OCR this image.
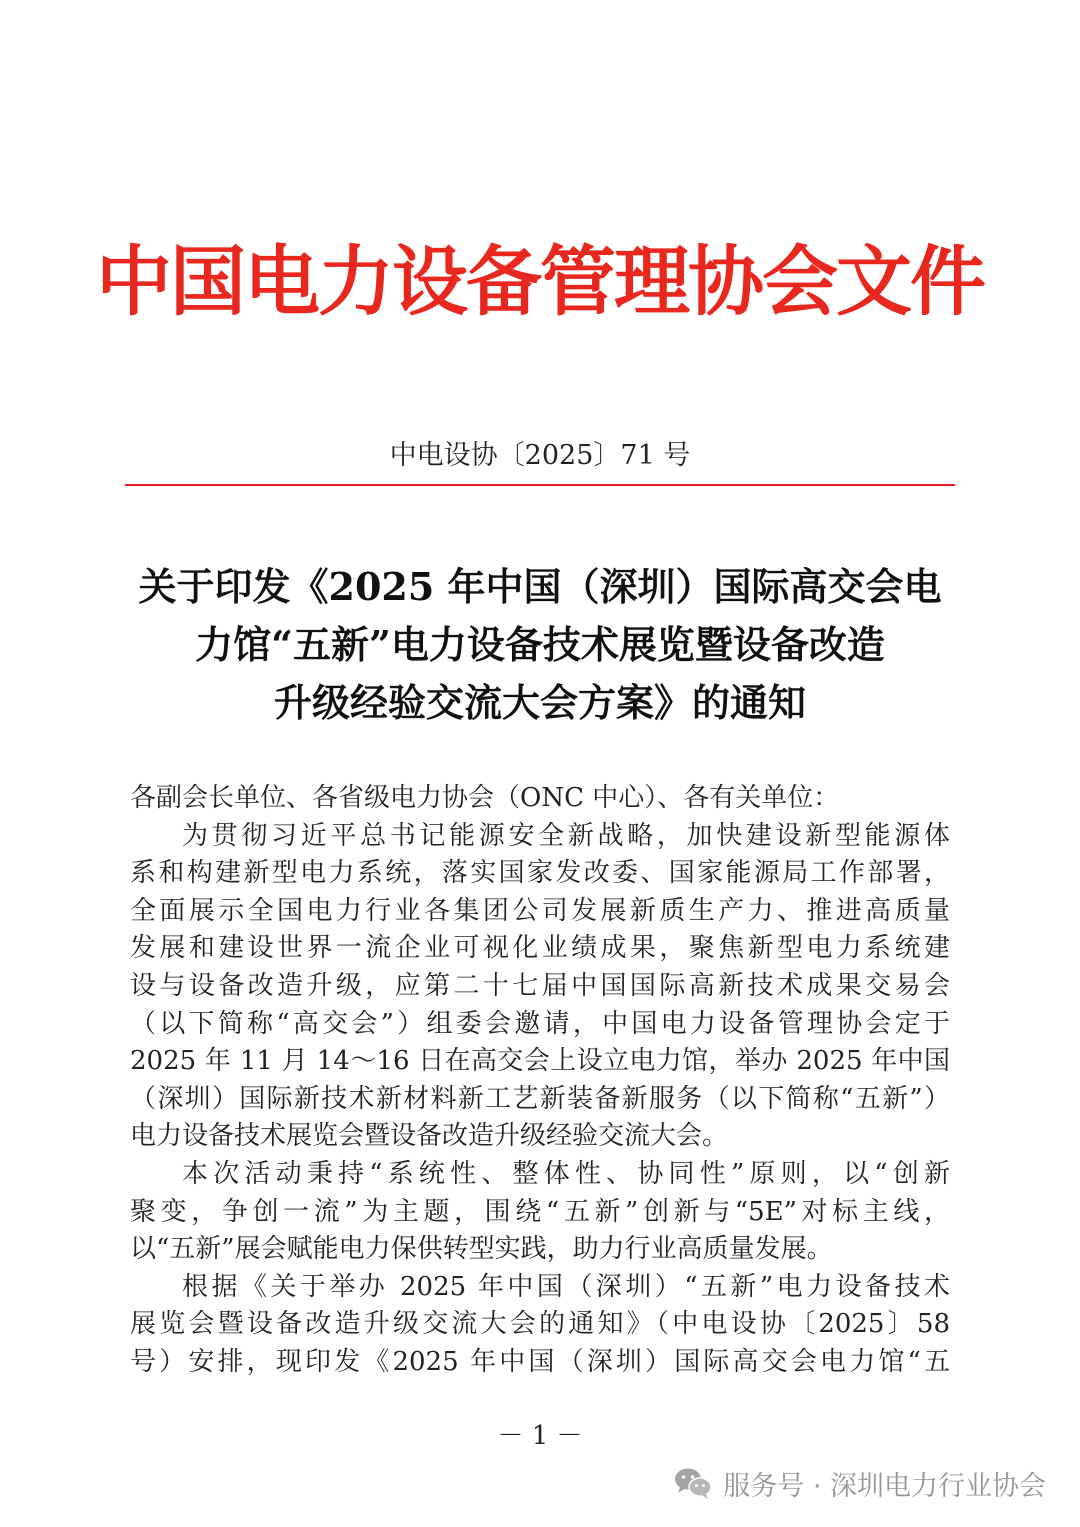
中国电力设备管理协会文件
中电设协〔2025〕71 号
关于印发《2025 年中国（深圳）国际高交会电
力馆“五新”电力设备技术展览暨设备改造
升级经验交流大会方案》的通知
各副会长单位、各省级电力协会（ONC 中心）、各有关单位：
为贯彻习近平总书记能源安全新战略，加快建设新型能源体
系和构建新型电力系统，落实国家发改委、国家能源局工作部署，
全面展示全国电力行业各集团公司发展新质生产力、推进高质量
发展和建设世界一流企业可视化业绩成果，聚焦新型电力系统建
设与设备改造升级，应第二十七届中国国际高新技术成果交易会
（以下简称“高交会”）组委会邀请，中国电力设备管理协会定于
2025 年 11 月 14～16 日在高交会上设立电力馆，举办 2025 年中国
（深圳）国际新技术新材料新工艺新装备新服务（以下简称“五新”）
电力设备技术展览会暨设备改造升级经验交流大会。
本次活动秉持“系统性、整体性、协同性”原则，以“创新
聚变，争创一流”为主题，围绕“五新”创新与“5E”对标主线，
以“五新”展会赋能电力保供转型实践，助力行业高质量发展。
根据《关于举办 2025 年中国（深圳）“五新”电力设备技术
展览会暨设备改造升级交流大会的通知》（中电设协〔2025〕58
号）安排，现印发《2025 年中国（深圳）国际高交会电力馆“五
－ 1 －
服务号 · 深圳电力行业协会
